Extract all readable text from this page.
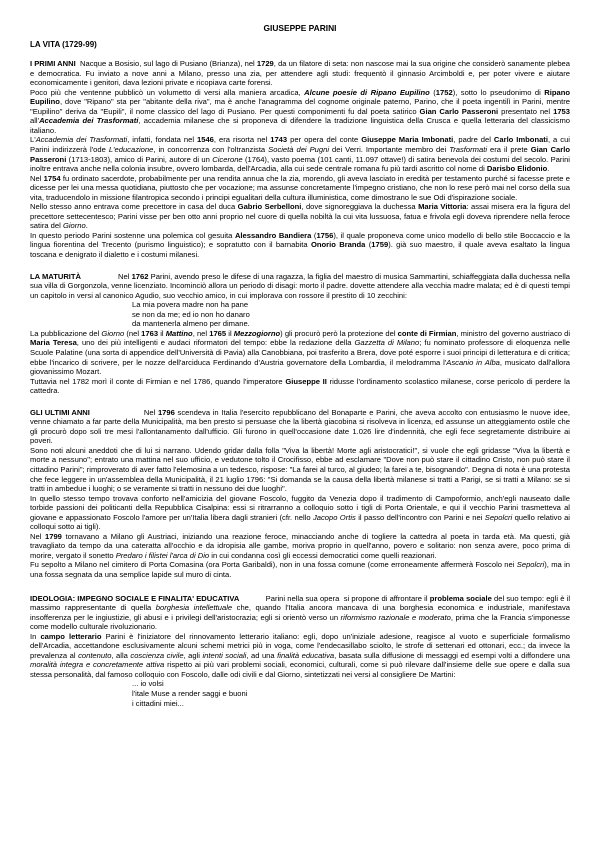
GIUSEPPE PARINI
LA VITA (1729-99)

I PRIMI ANNI  Nacque a Bosisio, sul lago di Pusiano (Brianza), nel 1729, da un filatore di seta: non nascose mai la sua origine che considerò sanamente plebea e democratica. Fu inviato a nove anni a Milano, presso una zia, per attendere agli studi: frequentò il ginnasio Arcimboldi e, per poter vivere e aiutare economicamente i genitori, dava lezioni private e ricopiava carte forensi.

Poco più che ventenne pubblicò un volumetto di versi alla maniera arcadica, Alcune poesie di Ripano Eupilino (1752), sotto lo pseudonimo di Ripano Eupilino, dove "Ripano" sta per "abitante della riva", ma è anche l'anagramma del cognome originale paterno, Parino, che il poeta ingentilì in Parini, mentre "Eupilino" deriva da "Eupili", il nome classico del lago di Pusiano. Per questi componimenti fu dal poeta satirico Gian Carlo Passeroni presentato nel 1753 all'Accademia dei Trasformati, accademia milanese che si proponeva di difendere la tradizione linguistica della Crusca e quella letteraria del classicismo italiano.

L'Accademia dei Trasformati, infatti, fondata nel 1546, era risorta nel 1743 per opera del conte Giuseppe Maria Imbonati, padre del Carlo Imbonati, a cui Parini indirizzerà l'ode L'educazione, in concorrenza con l'oltranzista Società dei Pugni dei Verri. Importante membro dei Trasformati era il prete Gian Carlo Passeroni (1713-1803), amico di Parini, autore di un Cicerone (1764), vasto poema (101 canti, 11.097 ottave!) di satira benevola dei costumi del secolo. Parini inoltre entrava anche nella colonia insubre, ovvero lombarda, dell'Arcadia, alla cui sede centrale romana fu più tardi ascritto col nome di Darisbo Elidonio.

Nel 1754 fu ordinato sacerdote, probabilmente per una rendita annua che la zia, morendo, gli aveva lasciato in eredità per testamento purché si facesse prete e dicesse per lei una messa quotidiana, piuttosto che per vocazione; ma assunse concretamente l'impegno cristiano, che non lo rese però mai nel corso della sua vita, traducendolo in missione filantropica secondo i principi egualitari della cultura illuministica, come dimostrano le sue Odi d'ispirazione sociale.

Nello stesso anno entrava come precettore in casa del duca Gabrio Serbelloni, dove signoreggiava la duchessa Maria Vittoria: assai misera era la figura del precettore settecentesco; Parini visse per ben otto anni proprio nel cuore di quella nobiltà la cui vita lussuosa, fatua e frivola egli doveva riprendere nella feroce satira del Giorno.

In questo periodo Parini sostenne una polemica col gesuita Alessandro Bandiera (1756), il quale proponeva come unico modello di bello stile Boccaccio e la lingua fiorentina del Trecento (purismo linguistico); e sopratutto con il barnabita Onorio Branda (1759). già suo maestro, il quale aveva esaltato la lingua toscana e denigrato il dialetto e i costumi milanesi.

LA MATURITÀ                 Nel 1762 Parini, avendo preso le difese di una ragazza, la figlia del maestro di musica Sammartini, schiaffeggiata dalla duchessa nella sua villa di Gorgonzola, venne licenziato. Incominciò allora un periodo di disagi: morto il padre. dovette attendere alla vecchia madre malata; ed è di questi tempi un capitolo in versi al canonico Agudio, suo vecchio amico, in cui implorava con rossore il prestito di 10 zecchini:

La mia povera madre non ha pane
se non da me; ed io non ho danaro
da mantenerla almeno per dimane.

La pubblicazione del Giorno (nel 1763 il Mattino, nel 1765 il Mezzogiorno) gli procurò però la protezione del conte di Firmian, ministro del governo austriaco di Maria Teresa, uno dei più intelligenti e audaci riformatori del tempo: ebbe la redazione della Gazzetta di Milano; fu nominato professore di eloquenza nelle Scuole Palatine (una sorta di appendice dell'Università di Pavia) alla Canobbiana, poi trasferito a Brera, dove poté esporre i suoi principi di letteratura e di critica; ebbe l'incarico di scrivere, per le nozze dell'arciduca Ferdinando d'Austria governatore della Lombardia, il melodramma l'Ascanio in Alba, musicato dall'allora giovanissimo Mozart.

Tuttavia nel 1782 morì il conte di Firmian e nel 1786, quando l'imperatore Giuseppe II ridusse l'ordinamento scolastico milanese, corse pericolo di perdere la cattedra.

GLI ULTIMI ANNI                    Nel 1796 scendeva in Italia l'esercito repubblicano del Bonaparte e Parini, che aveva accolto con entusiasmo le nuove idee, venne chiamato a far parte della Municipalità, ma ben presto si persuase che la libertà giacobina si risolveva in licenza, ed assunse un atteggiamento ostile che gli procurò dopo soli tre mesi l'allontanamento dall'ufficio. Gli furono in quell'occasione date 1.026 lire d'indennità, che egli fece segretamente distribuire ai poveri.

Sono noti alcuni aneddoti che di lui si narrano. Udendo gridar dalla folla "Viva la libertà! Morte agli aristocratici!", si vuole che egli gridasse "Viva la libertà e morte a nessuno"; entrato una mattina nel suo ufficio, e vedutone tolto il Crocifisso, ebbe ad esclamare "Dove non può stare il cittadino Cristo, non può stare il cittadino Parini"; rimproverato di aver fatto l'elemosina a un tedesco, rispose: "La farei al turco, al giudeo; la farei a te, bisognando". Degna di nota è una protesta che fece leggere in un'assemblea della Municipalità, il 21 luglio 1796: "Si domanda se la causa della libertà milanese si tratti a Parigi, se si tratti a Milano: se si tratti in ambedue i luoghi; o se veramente si tratti in nessuno dei due luoghi".

In quello stesso tempo trovava conforto nell'amicizia del giovane Foscolo, fuggito da Venezia dopo il tradimento di Campoformio, anch'egli nauseato dalle torbide passioni dei politicanti della Repubblica Cisalpina: essi si ritrarranno a colloquio sotto i tigli di Porta Orientale, e qui il vecchio Parini trasmetteva al giovane e appassionato Foscolo l'amore per un'Italia libera dagli stranieri (cfr. nello Jacopo Ortis il passo dell'incontro con Parini e nei Sepolcri quello relativo ai colloqui sotto ai tigli).

Nel 1799 tornavano a Milano gli Austriaci, iniziando una reazione feroce, minacciando anche di togliere la cattedra al poeta in tarda età. Ma questi, già travagliato da tempo da una cateratta all'occhio e da idropisia alle gambe, moriva proprio in quell'anno, povero e solitario: non senza avere, poco prima di morire, vergato il sonetto Predaro i filistei l'arca di Dio in cui condanna così gli eccessi democratici come quelli reazionari.

Fu sepolto a Milano nel cimitero di Porta Comasina (ora Porta Garibaldi), non in una fossa comune (come erroneamente affermerà Foscolo nei Sepolcri), ma in una fossa segnata da una semplice lapide sul muro di cinta.

IDEOLOGIA: IMPEGNO SOCIALE E FINALITA' EDUCATIVA            Parini nella sua opera  si propone di affrontare il problema sociale del suo tempo: egli è il massimo rappresentante di quella borghesia intellettuale che, quando l'Italia ancora mancava di una borghesia economica e industriale, manifestava insofferenza per le ingiustizie, gli abusi e i privilegi dell'aristocrazia; egli si orientò verso un riformismo razionale e moderato, prima che la Francia s'imponesse come modello culturale rivoluzionario.

In campo letterario Parini è l'iniziatore del rinnovamento letterario italiano: egli, dopo un'iniziale adesione, reagisce al vuoto e superficiale formalismo dell'Arcadia, accettandone esclusivamente alcuni schemi metrici più in voga, come l'endecasillabo sciolto, le strofe di settenari ed ottonari, ecc.; da invece la prevalenza al contenuto, alla coscienza civile, agli intenti sociali, ad una finalità educativa, basata sulla diffusione di messaggi ed esempi volti a diffondere una moralità integra e concretamente attiva rispetto ai più vari problemi sociali, economici, culturali, come si può rilevare dall'insieme delle sue opere e dalla sua stessa personalità, dal famoso colloquio con Foscolo, dalle odi civili e dal Giorno, sintetizzati nei versi al consigliere De Martini:

... io volsi
l'itale Muse a render saggi e buoni
i cittadini miei...
